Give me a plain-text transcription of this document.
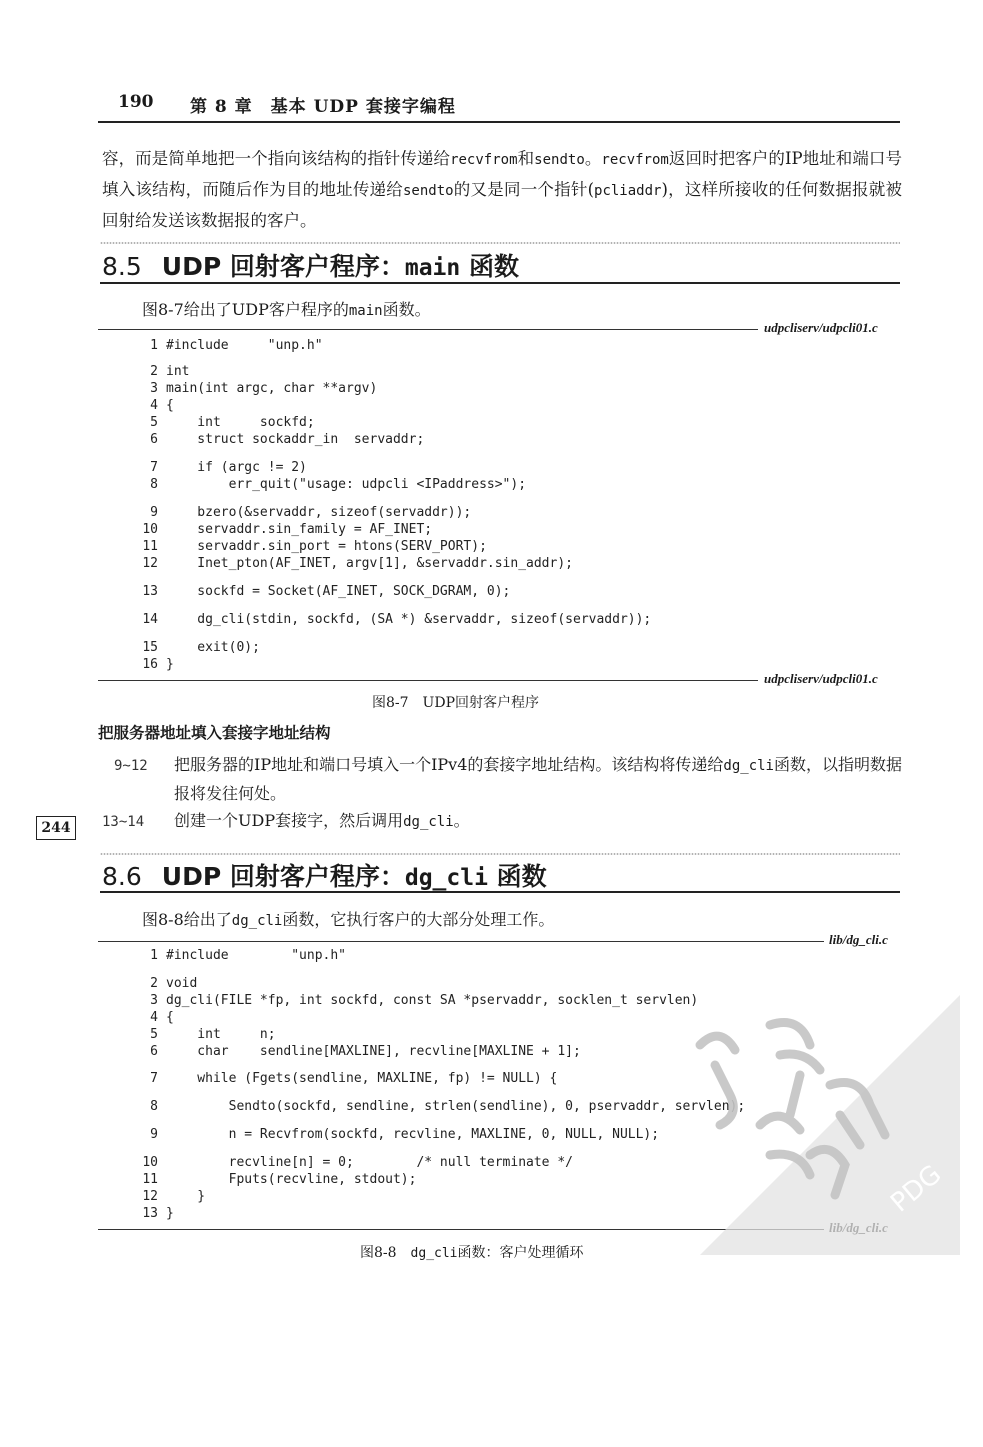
190 第 8 章　基本 UDP 套接字编程
容，而是简单地把一个指向该结构的指针传递给recvfrom和sendto。recvfrom返回时把客户的IP地址和端口号填入该结构，而随后作为目的地址传递给sendto的又是同一个指针(pcliaddr)，这样所接收的任何数据报就被回射给发送该数据报的客户。
8.5 UDP 回射客户程序：main 函数
图8-7给出了UDP客户程序的main函数。
udpcliserv/udpcli01.c
1 #include     "unp.h"
2 int
3 main(int argc, char **argv)
4 {
5    int     sockfd;
6    struct sockaddr_in  servaddr;
7    if (argc != 2)
8        err_quit("usage: udpcli <IPaddress>");
9    bzero(&servaddr, sizeof(servaddr));
10    servaddr.sin_family = AF_INET;
11    servaddr.sin_port = htons(SERV_PORT);
12    Inet_pton(AF_INET, argv[1], &servaddr.sin_addr);
13    sockfd = Socket(AF_INET, SOCK_DGRAM, 0);
14    dg_cli(stdin, sockfd, (SA *) &servaddr, sizeof(servaddr));
15    exit(0);
16 }
udpcliserv/udpcli01.c
图8-7　UDP回射客户程序
把服务器地址填入套接字地址结构
9~12 把服务器的IP地址和端口号填入一个IPv4的套接字地址结构。该结构将传递给dg_cli函数，以指明数据报将发往何处。
13~14 创建一个UDP套接字，然后调用dg_cli。
244
8.6 UDP 回射客户程序：dg_cli 函数
图8-8给出了dg_cli函数，它执行客户的大部分处理工作。
lib/dg_cli.c
1 #include        "unp.h"
2 void
3 dg_cli(FILE *fp, int sockfd, const SA *pservaddr, socklen_t servlen)
4 {
5    int     n;
6    char    sendline[MAXLINE], recvline[MAXLINE + 1];
7    while (Fgets(sendline, MAXLINE, fp) != NULL) {
8        Sendto(sockfd, sendline, strlen(sendline), 0, pservaddr, servlen);
9        n = Recvfrom(sockfd, recvline, MAXLINE, 0, NULL, NULL);
10        recvline[n] = 0;        /* null terminate */
11        Fputs(recvline, stdout);
12    }
13 }
图8-8　dg_cli函数：客户处理循环
PDG
